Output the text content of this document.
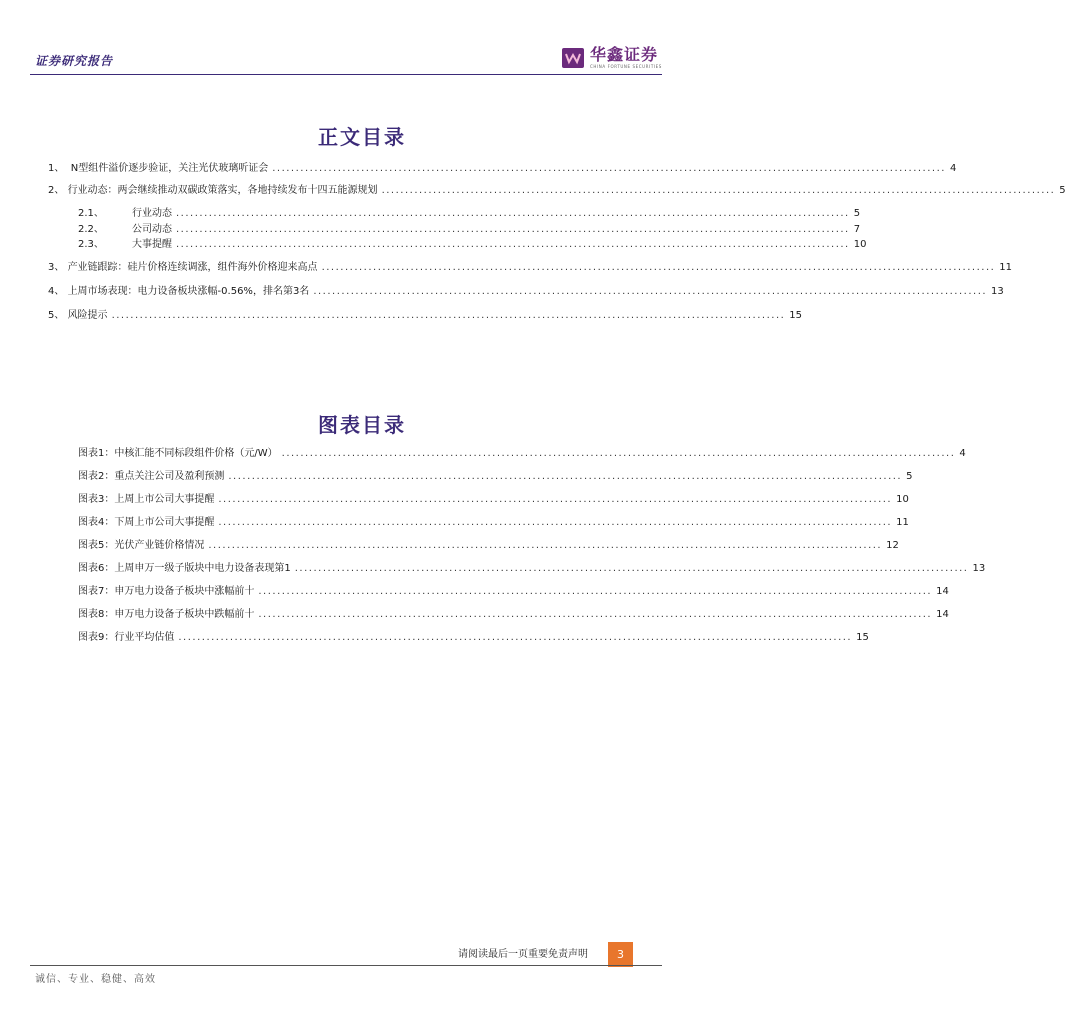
证券研究报告	华鑫证券
CHINA FORTUNE SECURITIES
正文目录
1、 N型组件溢价逐步验证，关注光伏玻璃听证会 ................................................................................................................................................ 4
2、 行业动态：两会继续推动双碳政策落实，各地持续发布十四五能源规划 ................................................................................................................................................ 5
2.1、	行业动态 ................................................................................................................................................ 5
2.2、	公司动态 ................................................................................................................................................ 7
2.3、	大事提醒 ................................................................................................................................................ 10
3、 产业链跟踪：硅片价格连续调涨，组件海外价格迎来高点 ................................................................................................................................................ 11
4、 上周市场表现：电力设备板块涨幅-0.56%，排名第3名 ................................................................................................................................................ 13
5、 风险提示 ................................................................................................................................................ 15
图表目录
图表1：中核汇能不同标段组件价格（元/W） ................................................................................................................................................ 4
图表2：重点关注公司及盈利预测 ................................................................................................................................................ 5
图表3：上周上市公司大事提醒 ................................................................................................................................................ 10
图表4：下周上市公司大事提醒 ................................................................................................................................................ 11
图表5：光伏产业链价格情况 ................................................................................................................................................ 12
图表6：上周申万一级子版块中电力设备表现第1 ................................................................................................................................................ 13
图表7：申万电力设备子板块中涨幅前十 ................................................................................................................................................ 14
图表8：申万电力设备子板块中跌幅前十 ................................................................................................................................................ 14
图表9：行业平均估值 ................................................................................................................................................ 15
请阅读最后一页重要免责声明	3
诚信、专业、稳健、高效
